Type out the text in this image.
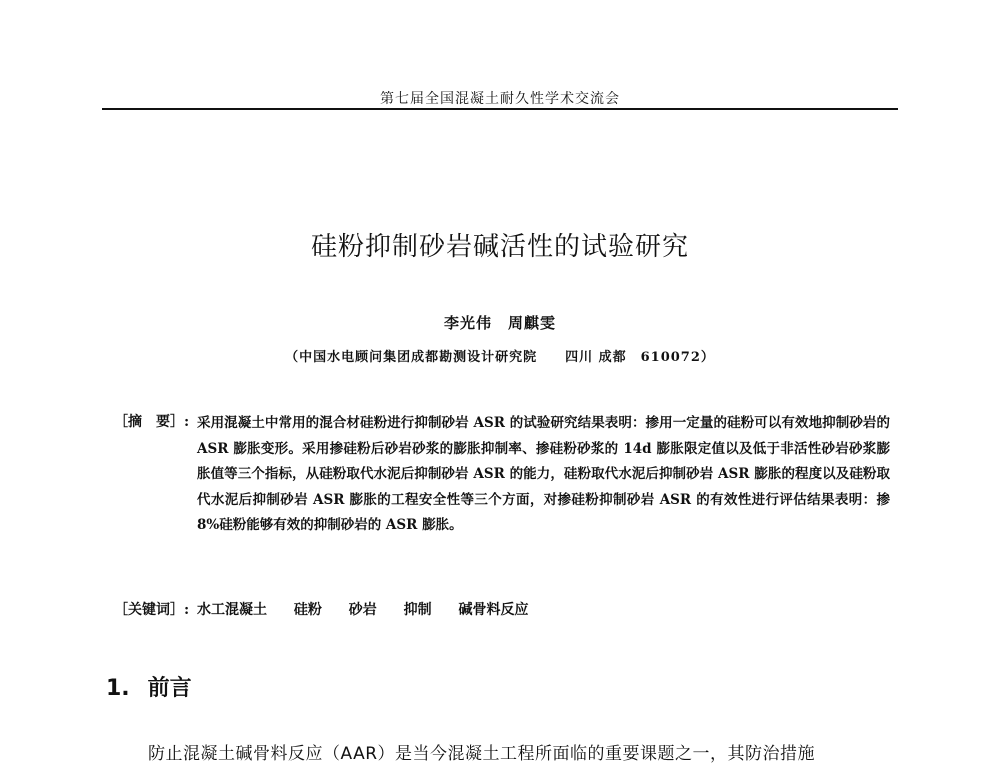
第七届全国混凝土耐久性学术交流会
硅粉抑制砂岩碱活性的试验研究
李光伟　周麒雯
（中国水电顾问集团成都勘测设计研究院　　四川 成都　610072）
［摘　要］: 采用混凝土中常用的混合材硅粉进行抑制砂岩 ASR 的试验研究结果表明：掺用一定量的硅粉可以有效地抑制砂岩的 ASR 膨胀变形。采用掺硅粉后砂岩砂浆的膨胀抑制率、掺硅粉砂浆的 14d 膨胀限定值以及低于非活性砂岩砂浆膨胀值等三个指标，从硅粉取代水泥后抑制砂岩 ASR 的能力，硅粉取代水泥后抑制砂岩 ASR 膨胀的程度以及硅粉取代水泥后抑制砂岩 ASR 膨胀的工程安全性等三个方面，对掺硅粉抑制砂岩 ASR 的有效性进行评估结果表明：掺 8%硅粉能够有效的抑制砂岩的 ASR 膨胀。
［关键词］: 水工混凝土 硅粉 砂岩 抑制 碱骨料反应
1. 前言
防止混凝土碱骨料反应（AAR）是当今混凝土工程所面临的重要课题之一，其防治措施
